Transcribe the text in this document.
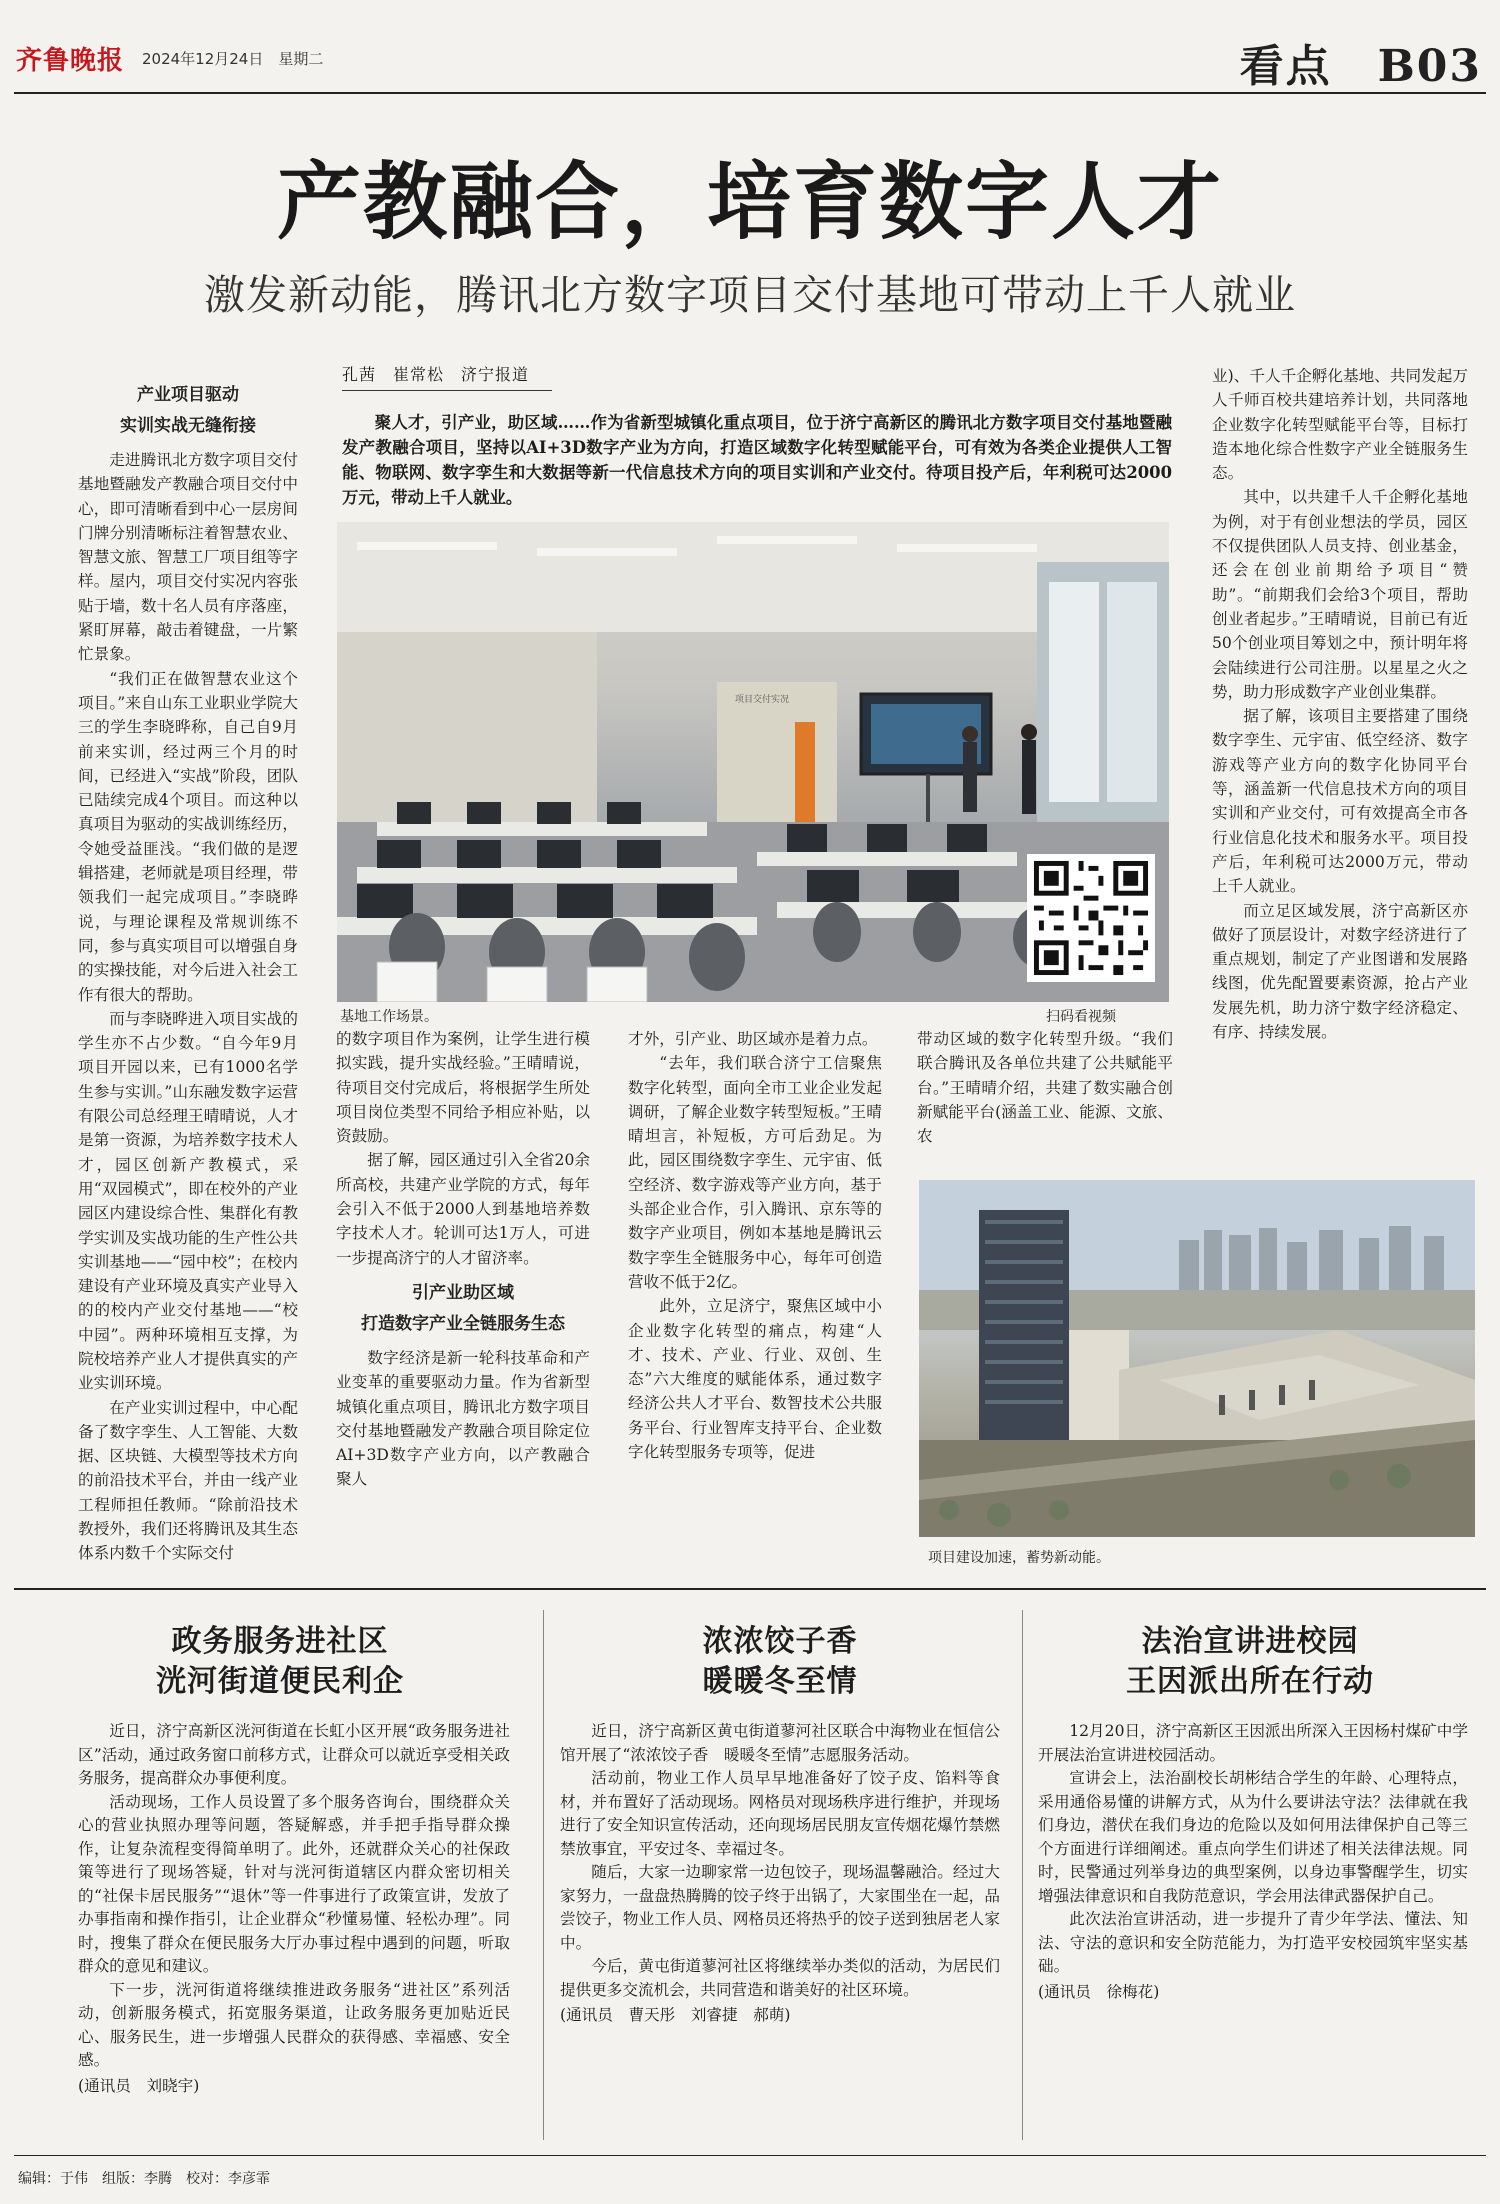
齐鲁晚报 2024年12月24日　星期二	看点　B03
产教融合，培育数字人才
激发新动能，腾讯北方数字项目交付基地可带动上千人就业

产业项目驱动

实训实战无缝衔接

走进腾讯北方数字项目交付基地暨融发产教融合项目交付中心，即可清晰看到中心一层房间门牌分别清晰标注着智慧农业、智慧文旅、智慧工厂项目组等字样。屋内，项目交付实况内容张贴于墙，数十名人员有序落座，紧盯屏幕，敲击着键盘，一片繁忙景象。

“我们正在做智慧农业这个项目。”来自山东工业职业学院大三的学生李晓晔称，自己自9月前来实训，经过两三个月的时间，已经进入“实战”阶段，团队已陆续完成4个项目。而这种以真项目为驱动的实战训练经历，令她受益匪浅。“我们做的是逻辑搭建，老师就是项目经理，带领我们一起完成项目。”李晓晔说，与理论课程及常规训练不同，参与真实项目可以增强自身的实操技能，对今后进入社会工作有很大的帮助。

而与李晓晔进入项目实战的学生亦不占少数。“自今年9月项目开园以来，已有1000名学生参与实训。”山东融发数字运营有限公司总经理王晴晴说，人才是第一资源，为培养数字技术人才，园区创新产教模式，采用“双园模式”，即在校外的产业园区内建设综合性、集群化有教学实训及实战功能的生产性公共实训基地——“园中校”；在校内建设有产业环境及真实产业导入的的校内产业交付基地——“校中园”。两种环境相互支撑，为院校培养产业人才提供真实的产业实训环境。

在产业实训过程中，中心配备了数字孪生、人工智能、大数据、区块链、大模型等技术方向的前沿技术平台，并由一线产业工程师担任教师。“除前沿技术教授外，我们还将腾讯及其生态体系内数千个实际交付

孔茜　崔常松　济宁报道

聚人才，引产业，助区域……作为省新型城镇化重点项目，位于济宁高新区的腾讯北方数字项目交付基地暨融发产教融合项目，坚持以AI+3D数字产业为方向，打造区域数字化转型赋能平台，可有效为各类企业提供人工智能、物联网、数字孪生和大数据等新一代信息技术方向的项目实训和产业交付。待项目投产后，年利税可达2000万元，带动上千人就业。

项目交付实况
基地工作场景。	扫码看视频

的数字项目作为案例，让学生进行模拟实践，提升实战经验。”王晴晴说，待项目交付完成后，将根据学生所处项目岗位类型不同给予相应补贴，以资鼓励。

据了解，园区通过引入全省20余所高校，共建产业学院的方式，每年会引入不低于2000人到基地培养数字技术人才。轮训可达1万人，可进一步提高济宁的人才留济率。

引产业助区域

打造数字产业全链服务生态

数字经济是新一轮科技革命和产业变革的重要驱动力量。作为省新型城镇化重点项目，腾讯北方数字项目交付基地暨融发产教融合项目除定位AI+3D数字产业方向，以产教融合聚人

才外，引产业、助区域亦是着力点。

“去年，我们联合济宁工信聚焦数字化转型，面向全市工业企业发起调研，了解企业数字转型短板。”王晴晴坦言，补短板，方可后劲足。为此，园区围绕数字孪生、元宇宙、低空经济、数字游戏等产业方向，基于头部企业合作，引入腾讯、京东等的数字产业项目，例如本基地是腾讯云数字孪生全链服务中心，每年可创造营收不低于2亿。

此外，立足济宁，聚焦区域中小企业数字化转型的痛点，构建“人才、技术、产业、行业、双创、生态”六大维度的赋能体系，通过数字经济公共人才平台、数智技术公共服务平台、行业智库支持平台、企业数字化转型服务专项等，促进

带动区域的数字化转型升级。“我们联合腾讯及各单位共建了公共赋能平台。”王晴晴介绍，共建了数实融合创新赋能平台(涵盖工业、能源、文旅、农

业)、千人千企孵化基地、共同发起万人千师百校共建培养计划，共同落地企业数字化转型赋能平台等，目标打造本地化综合性数字产业全链服务生态。

其中，以共建千人千企孵化基地为例，对于有创业想法的学员，园区不仅提供团队人员支持、创业基金，还会在创业前期给予项目“赞助”。“前期我们会给3个项目，帮助创业者起步。”王晴晴说，目前已有近50个创业项目筹划之中，预计明年将会陆续进行公司注册。以星星之火之势，助力形成数字产业创业集群。

据了解，该项目主要搭建了围绕数字孪生、元宇宙、低空经济、数字游戏等产业方向的数字化协同平台等，涵盖新一代信息技术方向的项目实训和产业交付，可有效提高全市各行业信息化技术和服务水平。项目投产后，年利税可达2000万元，带动上千人就业。

而立足区域发展，济宁高新区亦做好了顶层设计，对数字经济进行了重点规划，制定了产业图谱和发展路线图，优先配置要素资源，抢占产业发展先机，助力济宁数字经济稳定、有序、持续发展。

项目建设加速，蓄势新动能。
政务服务进社区
洸河街道便民利企

近日，济宁高新区洸河街道在长虹小区开展“政务服务进社区”活动，通过政务窗口前移方式，让群众可以就近享受相关政务服务，提高群众办事便利度。

活动现场，工作人员设置了多个服务咨询台，围绕群众关心的营业执照办理等问题，答疑解惑，并手把手指导群众操作，让复杂流程变得简单明了。此外，还就群众关心的社保政策等进行了现场答疑，针对与洸河街道辖区内群众密切相关的“社保卡居民服务”“退休”等一件事进行了政策宣讲，发放了办事指南和操作指引，让企业群众“秒懂易懂、轻松办理”。同时，搜集了群众在便民服务大厅办事过程中遇到的问题，听取群众的意见和建议。

下一步，洸河街道将继续推进政务服务“进社区”系列活动，创新服务模式，拓宽服务渠道，让政务服务更加贴近民心、服务民生，进一步增强人民群众的获得感、幸福感、安全感。

(通讯员　刘晓宇)

浓浓饺子香
暖暖冬至情

近日，济宁高新区黄屯街道蓼河社区联合中海物业在恒信公馆开展了“浓浓饺子香　暖暖冬至情”志愿服务活动。

活动前，物业工作人员早早地准备好了饺子皮、馅料等食材，并布置好了活动现场。网格员对现场秩序进行维护，并现场进行了安全知识宣传活动，还向现场居民朋友宣传烟花爆竹禁燃禁放事宜，平安过冬、幸福过冬。

随后，大家一边聊家常一边包饺子，现场温馨融洽。经过大家努力，一盘盘热腾腾的饺子终于出锅了，大家围坐在一起，品尝饺子，物业工作人员、网格员还将热乎的饺子送到独居老人家中。

今后，黄屯街道蓼河社区将继续举办类似的活动，为居民们提供更多交流机会，共同营造和谐美好的社区环境。

(通讯员　曹天彤　刘睿捷　郝萌)

法治宣讲进校园
王因派出所在行动

12月20日，济宁高新区王因派出所深入王因杨村煤矿中学开展法治宣讲进校园活动。

宣讲会上，法治副校长胡彬结合学生的年龄、心理特点，采用通俗易懂的讲解方式，从为什么要讲法守法？法律就在我们身边，潜伏在我们身边的危险以及如何用法律保护自己等三个方面进行详细阐述。重点向学生们讲述了相关法律法规。同时，民警通过列举身边的典型案例，以身边事警醒学生，切实增强法律意识和自我防范意识，学会用法律武器保护自己。

此次法治宣讲活动，进一步提升了青少年学法、懂法、知法、守法的意识和安全防范能力，为打造平安校园筑牢坚实基础。

(通讯员　徐梅花)

编辑：于伟　组版：李腾　校对：李彦霏
